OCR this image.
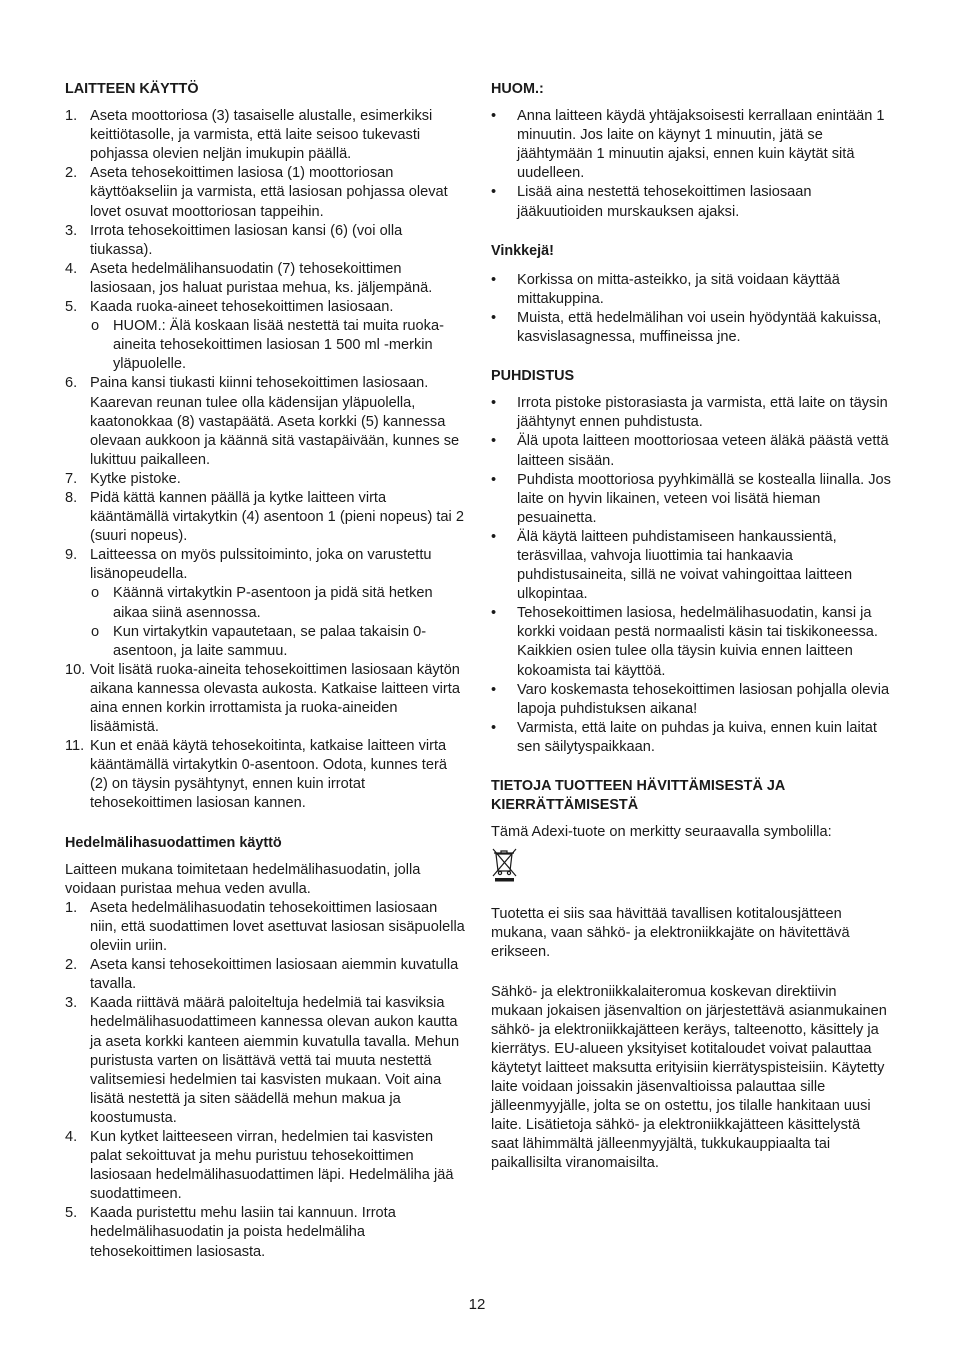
LAITTEEN KÄYTTÖ
1. Aseta moottoriosa (3) tasaiselle alustalle, esimerkiksi keittiötasolle, ja varmista, että laite seisoo tukevasti pohjassa olevien neljän imukupin päällä.
2. Aseta tehosekoittimen lasiosa (1) moottoriosan käyttöakseliin ja varmista, että lasiosan pohjassa olevat lovet osuvat moottoriosan tappeihin.
3. Irrota tehosekoittimen lasiosan kansi (6) (voi olla tiukassa).
4. Aseta hedelmälihansuodatin (7) tehosekoittimen lasiosaan, jos haluat puristaa mehua, ks. jäljempänä.
5. Kaada ruoka-aineet tehosekoittimen lasiosaan.
o HUOM.: Älä koskaan lisää nestettä tai muita ruoka-aineita tehosekoittimen lasiosan 1 500 ml -merkin yläpuolelle.
6. Paina kansi tiukasti kiinni tehosekoittimen lasiosaan. Kaarevan reunan tulee olla kädensijan yläpuolella, kaatonokkaa (8) vastapäätä. Aseta korkki (5) kannessa olevaan aukkoon ja käännä sitä vastapäivään, kunnes se lukittuu paikalleen.
7. Kytke pistoke.
8. Pidä kättä kannen päällä ja kytke laitteen virta kääntämällä virtakytkin (4) asentoon 1 (pieni nopeus) tai 2 (suuri nopeus).
9. Laitteessa on myös pulssitoiminto, joka on varustettu lisänopeudella.
o Käännä virtakytkin P-asentoon ja pidä sitä hetken aikaa siinä asennossa.
o Kun virtakytkin vapautetaan, se palaa takaisin 0-asentoon, ja laite sammuu.
10. Voit lisätä ruoka-aineita tehosekoittimen lasiosaan käytön aikana kannessa olevasta aukosta. Katkaise laitteen virta aina ennen korkin irrottamista ja ruoka-aineiden lisäämistä.
11. Kun et enää käytä tehosekoitinta, katkaise laitteen virta kääntämällä virtakytkin 0-asentoon. Odota, kunnes terä (2) on täysin pysähtynyt, ennen kuin irrotat tehosekoittimen lasiosan kannen.
Hedelmälihasuodattimen käyttö

Laitteen mukana toimitetaan hedelmälihasuodatin, jolla voidaan puristaa mehua veden avulla.

1. Aseta hedelmälihasuodatin tehosekoittimen lasiosaan niin, että suodattimen lovet asettuvat lasiosan sisäpuolella oleviin uriin.
2. Aseta kansi tehosekoittimen lasiosaan aiemmin kuvatulla tavalla.
3. Kaada riittävä määrä paloiteltuja hedelmiä tai kasviksia hedelmälihasuodattimeen kannessa olevan aukon kautta ja aseta korkki kanteen aiemmin kuvatulla tavalla. Mehun puristusta varten on lisättävä vettä tai muuta nestettä valitsemiesi hedelmien tai kasvisten mukaan. Voit aina lisätä nestettä ja siten säädellä mehun makua ja koostumusta.
4. Kun kytket laitteeseen virran, hedelmien tai kasvisten palat sekoittuvat ja mehu puristuu tehosekoittimen lasiosaan hedelmälihasuodattimen läpi. Hedelmäliha jää suodattimeen.
5. Kaada puristettu mehu lasiin tai kannuun. Irrota hedelmälihasuodatin ja poista hedelmäliha tehosekoittimen lasiosasta.
HUOM.:
• Anna laitteen käydä yhtäjaksoisesti kerrallaan enintään 1 minuutin. Jos laite on käynyt 1 minuutin, jätä se jäähtymään 1 minuutin ajaksi, ennen kuin käytät sitä uudelleen.
• Lisää aina nestettä tehosekoittimen lasiosaan jääkuutioiden murskauksen ajaksi.
Vinkkejä!
• Korkissa on mitta-asteikko, ja sitä voidaan käyttää mittakuppina.
• Muista, että hedelmälihan voi usein hyödyntää kakuissa, kasvislasagnessa, muffineissa jne.
PUHDISTUS
• Irrota pistoke pistorasiasta ja varmista, että laite on täysin jäähtynyt ennen puhdistusta.
• Älä upota laitteen moottoriosaa veteen äläkä päästä vettä laitteen sisään.
• Puhdista moottoriosa pyyhkimällä se kostealla liinalla. Jos laite on hyvin likainen, veteen voi lisätä hieman pesuainetta.
• Älä käytä laitteen puhdistamiseen hankaussientä, teräsvillaa, vahvoja liuottimia tai hankaavia puhdistusaineita, sillä ne voivat vahingoittaa laitteen ulkopintaa.
• Tehosekoittimen lasiosa, hedelmälihasuodatin, kansi ja korkki voidaan pestä normaalisti käsin tai tiskikoneessa. Kaikkien osien tulee olla täysin kuivia ennen laitteen kokoamista tai käyttöä.
• Varo koskemasta tehosekoittimen lasiosan pohjalla olevia lapoja puhdistuksen aikana!
• Varmista, että laite on puhdas ja kuiva, ennen kuin laitat sen säilytyspaikkaan.
TIETOJA TUOTTEEN HÄVITTÄMISESTÄ JA KIERRÄTTÄMISESTÄ

Tämä Adexi-tuote on merkitty seuraavalla symbolilla:

Tuotetta ei siis saa hävittää tavallisen kotitalousjätteen mukana, vaan sähkö- ja elektroniikkajäte on hävitettävä erikseen.

Sähkö- ja elektroniikkalaiteromua koskevan direktiivin mukaan jokaisen jäsenvaltion on järjestettävä asianmukainen sähkö- ja elektroniikkajätteen keräys, talteenotto, käsittely ja kierrätys. EU-alueen yksityiset kotitaloudet voivat palauttaa käytetyt laitteet maksutta erityisiin kierrätyspisteisiin. Käytetty laite voidaan joissakin jäsenvaltioissa palauttaa sille jälleenmyyjälle, jolta se on ostettu, jos tilalle hankitaan uusi laite. Lisätietoja sähkö- ja elektroniikkajätteen käsittelystä saat lähimmältä jälleenmyyjältä, tukkukauppiaalta tai paikallisilta viranomaisilta.

12
